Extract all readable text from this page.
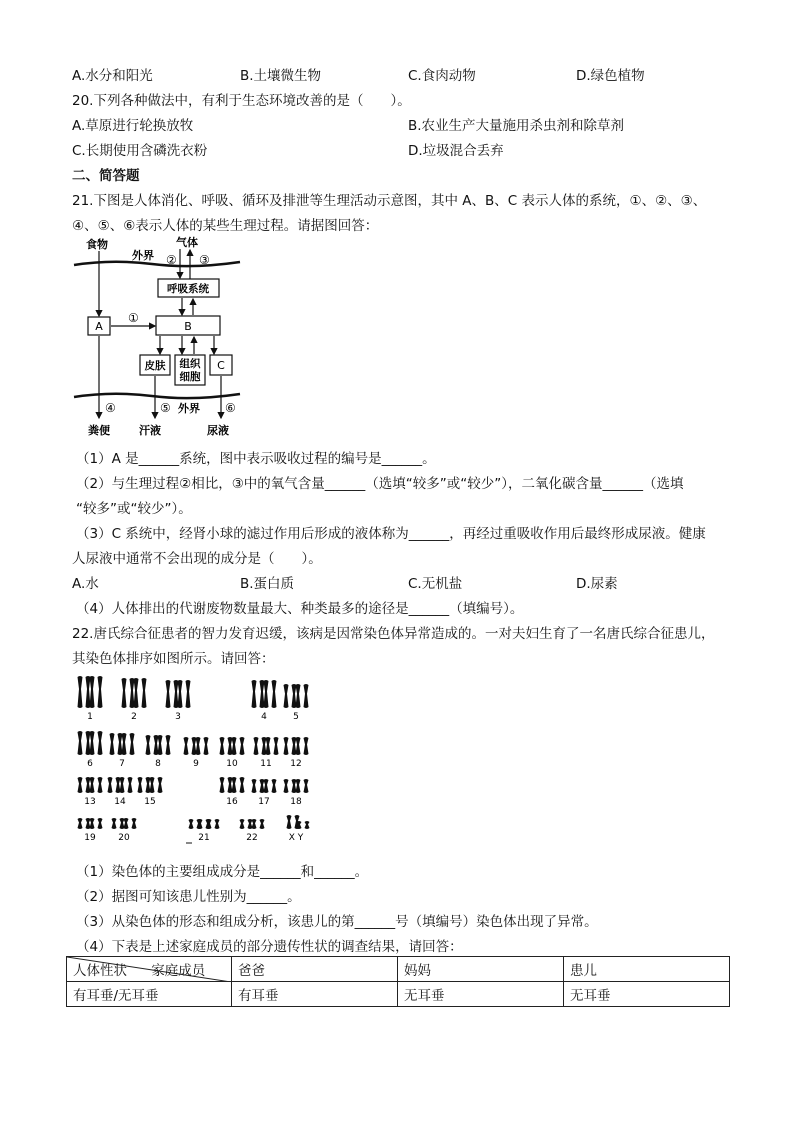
A.水分和阳光	B.土壤微生物	C.食肉动物	D.绿色植物
20.下列各种做法中，有利于生态环境改善的是（　　）。
A.草原进行轮换放牧	B.农业生产大量施用杀虫剂和除草剂
C.长期使用含磷洗衣粉	D.垃圾混合丢弃
二、简答题
21.下图是人体消化、呼吸、循环及排泄等生理活动示意图，其中 A、B、C 表示人体的系统，①、②、③、
④、⑤、⑥表示人体的某些生理过程。请据图回答：
食物	气体
外界 ② ③
呼吸系统
A	B
①
皮肤 组织
细胞
C
④	⑤ 外界 ⑥
粪便	汗液	尿液
（1）A 是______系统，图中表示吸收过程的编号是______。
（2）与生理过程②相比，③中的氧气含量______（选填“较多”或“较少”），二氧化碳含量______（选填
“较多”或“较少”）。
（3）C 系统中，经肾小球的滤过作用后形成的液体称为______，再经过重吸收作用后最终形成尿液。健康
人尿液中通常不会出现的成分是（　　）。
A.水	B.蛋白质	C.无机盐	D.尿素
（4）人体排出的代谢废物数量最大、种类最多的途径是______（填编号）。
22.唐氏综合征患者的智力发育迟缓，该病是因常染色体异常造成的。一对夫妇生育了一名唐氏综合征患儿，
其染色体排序如图所示。请回答：
1	2	3	4	5
6	7	8	9	10	11 12
13 14 15	16 17 18
19	20	21	22	X Y
（1）染色体的主要组成成分是______和______。
（2）据图可知该患儿性别为______。
（3）从染色体的形态和组成分析，该患儿的第______号（填编号）染色体出现了异常。
（4）下表是上述家庭成员的部分遗传性状的调查结果，请回答：
人体性状 家庭成员	爸爸	妈妈	患儿
有耳垂/无耳垂	有耳垂	无耳垂	无耳垂
